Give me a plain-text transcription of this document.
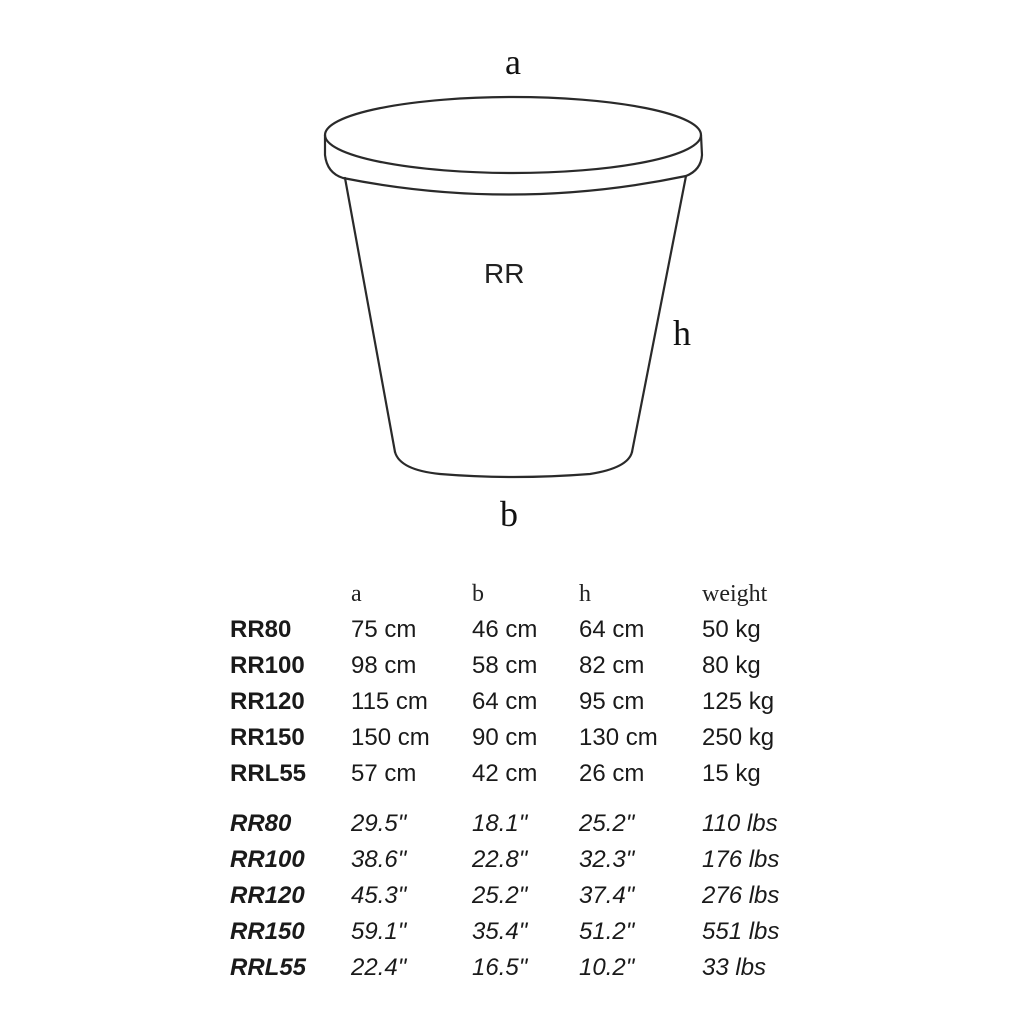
a
h
b
RR
	a	b	h	weight
RR80	75 cm	46 cm	64 cm	50 kg
RR100	98 cm	58 cm	82 cm	80 kg
RR120	115 cm	64 cm	95 cm	125 kg
RR150	150 cm	90 cm	130 cm	250 kg
RRL55	57 cm	42 cm	26 cm	15 kg
RR80	29.5"	18.1"	25.2"	110 lbs
RR100	38.6"	22.8"	32.3"	176 lbs
RR120	45.3"	25.2"	37.4"	276 lbs
RR150	59.1"	35.4"	51.2"	551 lbs
RRL55	22.4"	16.5"	10.2"	33 lbs
